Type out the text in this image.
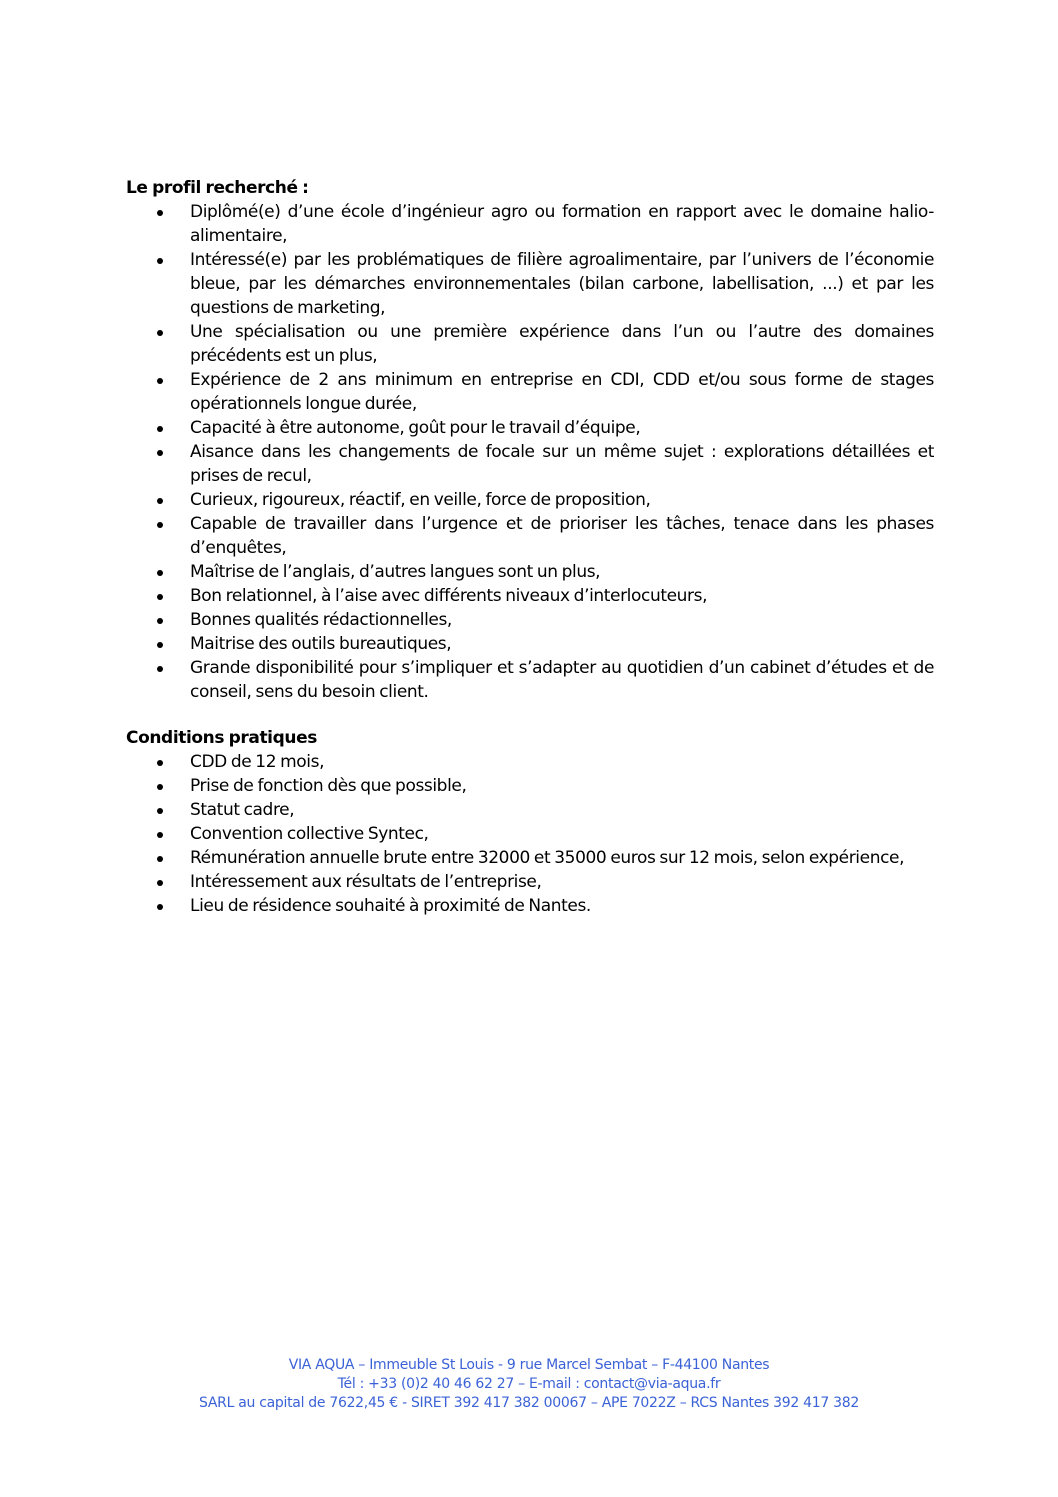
Le profil recherché :

Diplômé(e) d’une école d’ingénieur agro ou formation en rapport avec le domaine halio-alimentaire,
Intéressé(e) par les problématiques de filière agroalimentaire, par l’univers de l’économie bleue, par les démarches environnementales (bilan carbone, labellisation, ...) et par les questions de marketing,
Une spécialisation ou une première expérience dans l’un ou l’autre des domaines précédents est un plus,
Expérience de 2 ans minimum en entreprise en CDI, CDD et/ou sous forme de stages opérationnels longue durée,
Capacité à être autonome, goût pour le travail d’équipe,
Aisance dans les changements de focale sur un même sujet : explorations détaillées et prises de recul,
Curieux, rigoureux, réactif, en veille, force de proposition,
Capable de travailler dans l’urgence et de prioriser les tâches, tenace dans les phases d’enquêtes,
Maîtrise de l’anglais, d’autres langues sont un plus,
Bon relationnel, à l’aise avec différents niveaux d’interlocuteurs,
Bonnes qualités rédactionnelles,
Maitrise des outils bureautiques,
Grande disponibilité pour s’impliquer et s’adapter au quotidien d’un cabinet d’études et de conseil, sens du besoin client.

Conditions pratiques

CDD de 12 mois,
Prise de fonction dès que possible,
Statut cadre,
Convention collective Syntec,
Rémunération annuelle brute entre 32000 et 35000 euros sur 12 mois, selon expérience,
Intéressement aux résultats de l’entreprise,
Lieu de résidence souhaité à proximité de Nantes.
VIA AQUA – Immeuble St Louis - 9 rue Marcel Sembat – F-44100 Nantes
Tél : +33 (0)2 40 46 62 27 – E-mail : contact@via-aqua.fr
SARL au capital de 7622,45 € - SIRET 392 417 382 00067 – APE 7022Z – RCS Nantes 392 417 382
